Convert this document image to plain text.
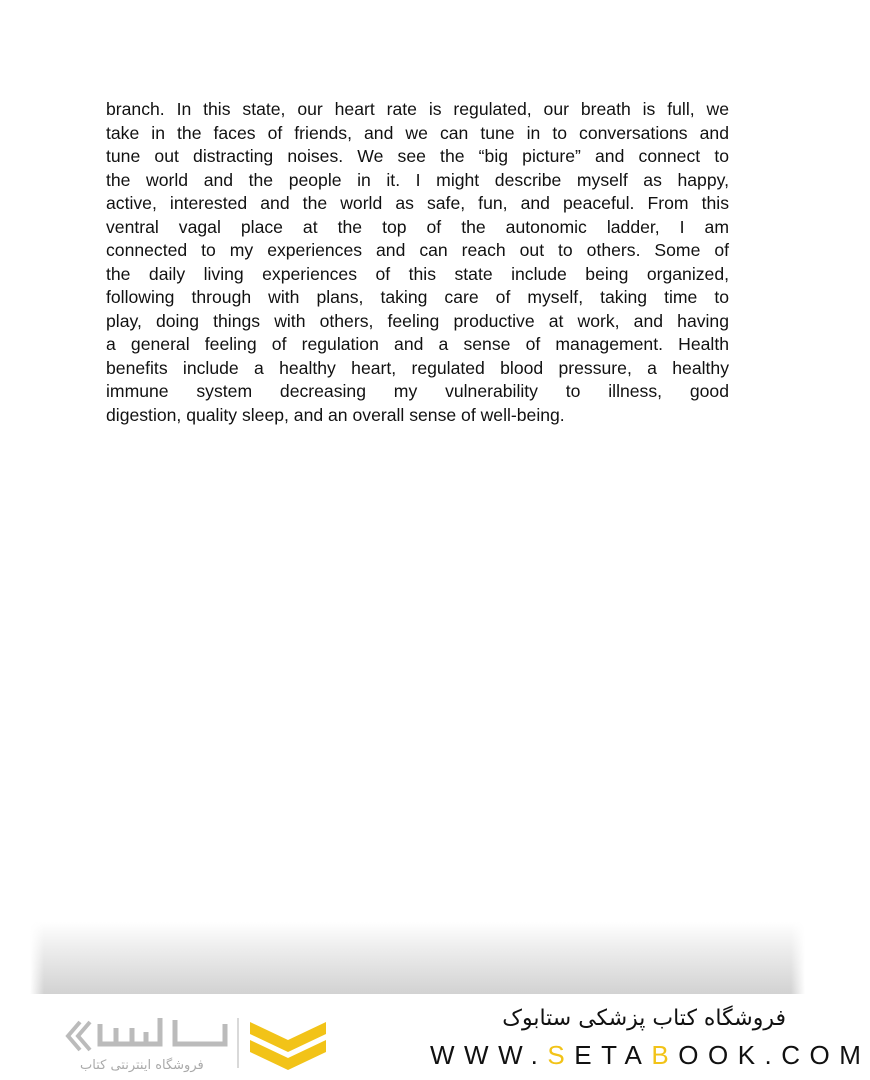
branch. In this state, our heart rate is regulated, our breath is full, we
take in the faces of friends, and we can tune in to conversations and
tune out distracting noises. We see the “big picture” and connect to
the world and the people in it. I might describe myself as happy,
active, interested and the world as safe, fun, and peaceful. From this
ventral vagal place at the top of the autonomic ladder, I am
connected to my experiences and can reach out to others. Some of
the daily living experiences of this state include being organized,
following through with plans, taking care of myself, taking time to
play, doing things with others, feeling productive at work, and having
a general feeling of regulation and a sense of management. Health
benefits include a healthy heart, regulated blood pressure, a healthy
immune system decreasing my vulnerability to illness, good
digestion, quality sleep, and an overall sense of well-being.
فروشگاه اینترنتی کتاب
فروشگاه کتاب پزشکی ستابوک
WWW.SETABOOK.COM
